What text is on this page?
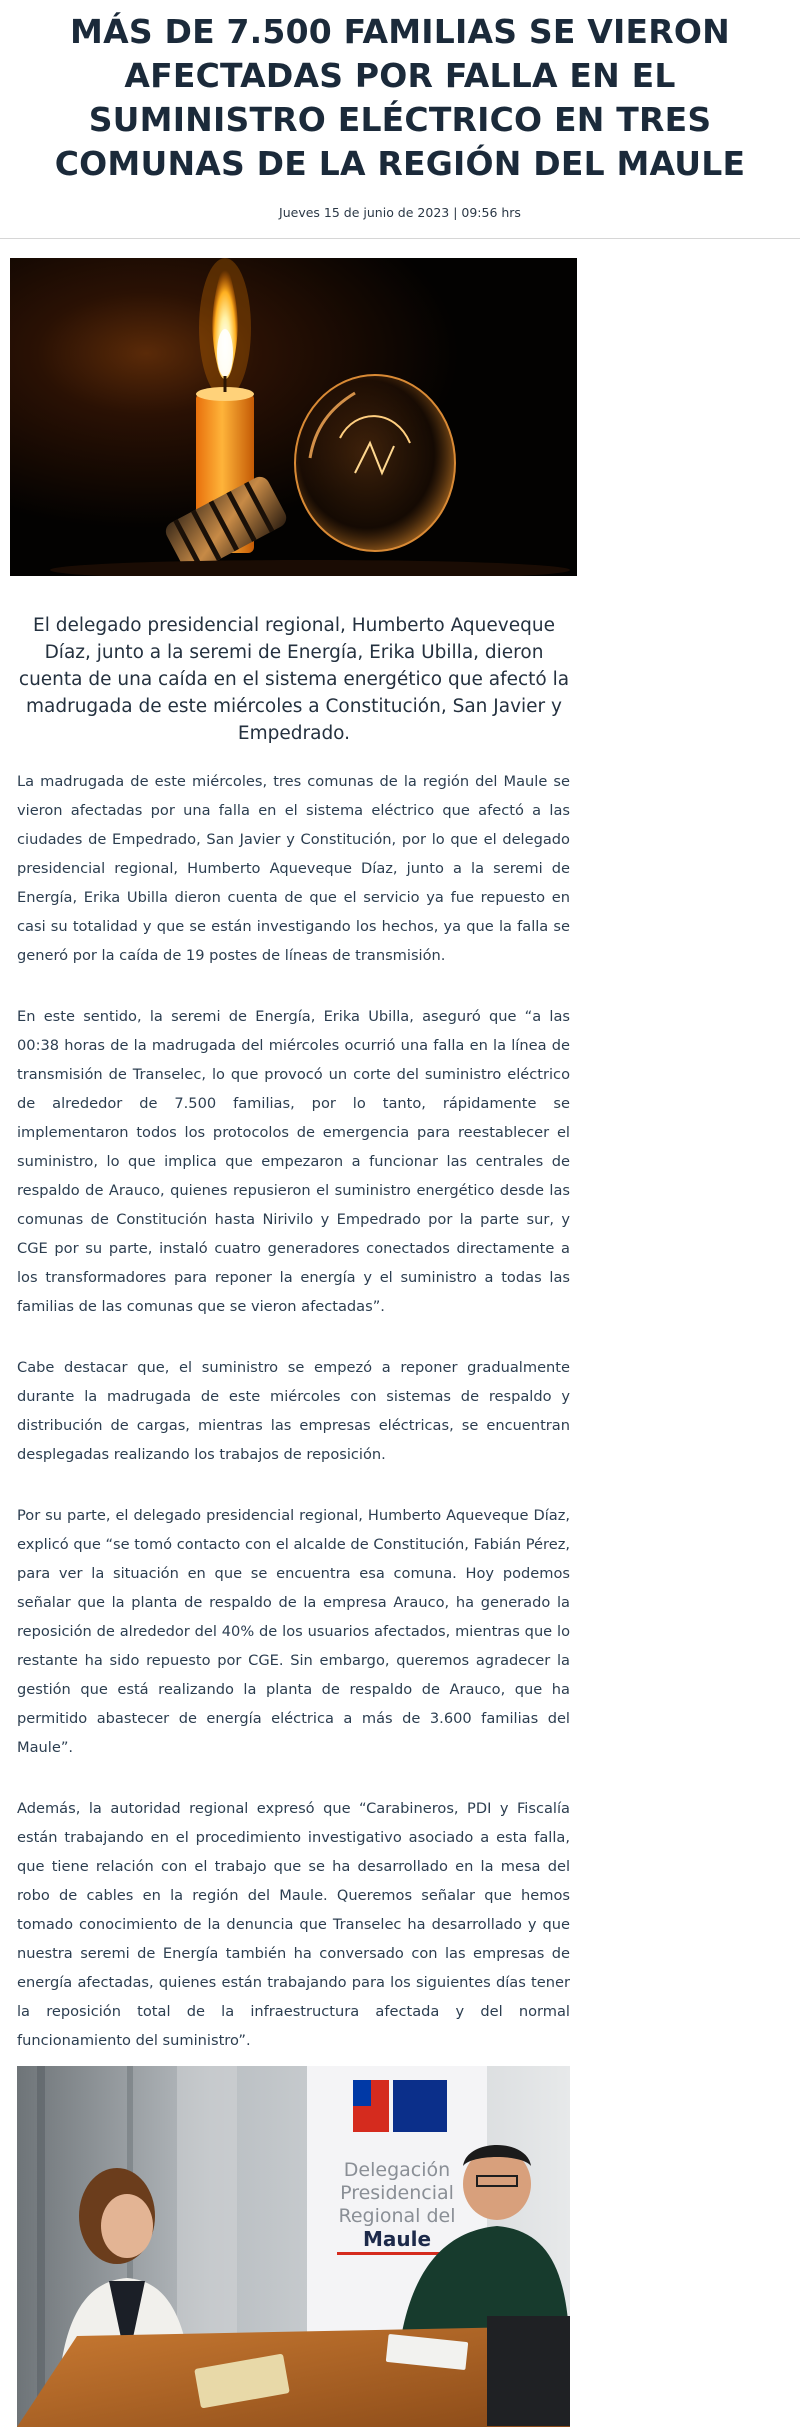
MÁS DE 7.500 FAMILIAS SE VIERON AFECTADAS POR FALLA EN EL SUMINISTRO ELÉCTRICO EN TRES COMUNAS DE LA REGIÓN DEL MAULE
Jueves 15 de junio de 2023 | 09:56 hrs

El delegado presidencial regional, Humberto Aqueveque Díaz, junto a la seremi de Energía, Erika Ubilla, dieron cuenta de una caída en el sistema energético que afectó la madrugada de este miércoles a Constitución, San Javier y Empedrado.

La madrugada de este miércoles, tres comunas de la región del Maule se vieron afectadas por una falla en el sistema eléctrico que afectó a las ciudades de Empedrado, San Javier y Constitución, por lo que el delegado presidencial regional, Humberto Aqueveque Díaz, junto a la seremi de Energía, Erika Ubilla dieron cuenta de que el servicio ya fue repuesto en casi su totalidad y que se están investigando los hechos, ya que la falla se generó por la caída de 19 postes de líneas de transmisión.

En este sentido, la seremi de Energía, Erika Ubilla, aseguró que “a las 00:38 horas de la madrugada del miércoles ocurrió una falla en la línea de transmisión de Transelec, lo que provocó un corte del suministro eléctrico de alrededor de 7.500 familias, por lo tanto, rápidamente se implementaron todos los protocolos de emergencia para reestablecer el suministro, lo que implica que empezaron a funcionar las centrales de respaldo de Arauco, quienes repusieron el suministro energético desde las comunas de Constitución hasta Nirivilo y Empedrado por la parte sur, y CGE por su parte, instaló cuatro generadores conectados directamente a los transformadores para reponer la energía y el suministro a todas las familias de las comunas que se vieron afectadas”.

Cabe destacar que, el suministro se empezó a reponer gradualmente durante la madrugada de este miércoles con sistemas de respaldo y distribución de cargas, mientras las empresas eléctricas, se encuentran desplegadas realizando los trabajos de reposición.

Por su parte, el delegado presidencial regional, Humberto Aqueveque Díaz, explicó que “se tomó contacto con el alcalde de Constitución, Fabián Pérez, para ver la situación en que se encuentra esa comuna. Hoy podemos señalar que la planta de respaldo de la empresa Arauco, ha generado la reposición de alrededor del 40% de los usuarios afectados, mientras que lo restante ha sido repuesto por CGE. Sin embargo, queremos agradecer la gestión que está realizando la planta de respaldo de Arauco, que ha permitido abastecer de energía eléctrica a más de 3.600 familias del Maule”.

Además, la autoridad regional expresó que “Carabineros, PDI y Fiscalía están trabajando en el procedimiento investigativo asociado a esta falla, que tiene relación con el trabajo que se ha desarrollado en la mesa del robo de cables en la región del Maule. Queremos señalar que hemos tomado conocimiento de la denuncia que Transelec ha desarrollado y que nuestra seremi de Energía también ha conversado con las empresas de energía afectadas, quienes están trabajando para los siguientes días tener la reposición total de la infraestructura afectada y del normal funcionamiento del suministro”.

Delegación
Presidencial
Regional del
Maule
